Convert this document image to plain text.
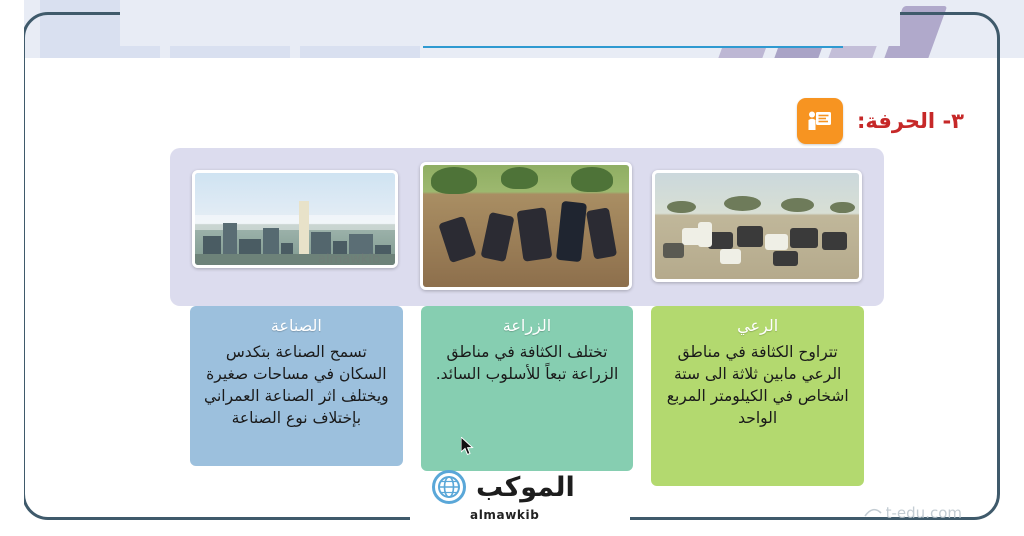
٣- الحرفة:
almawkib
الصناعة
تسمح الصناعة بتكدس السكان في مساحات صغيرة ويختلف اثر الصناعة العمراني بإختلاف نوع الصناعة
الزراعة
تختلف الكثافة في مناطق الزراعة تبعاً للأسلوب السائد.
الرعي
تتراوح الكثافة في مناطق الرعي مابين ثلاثة الى ستة اشخاص في الكيلومتر المربع الواحد
الموكب
almawkib	t-edu.com
